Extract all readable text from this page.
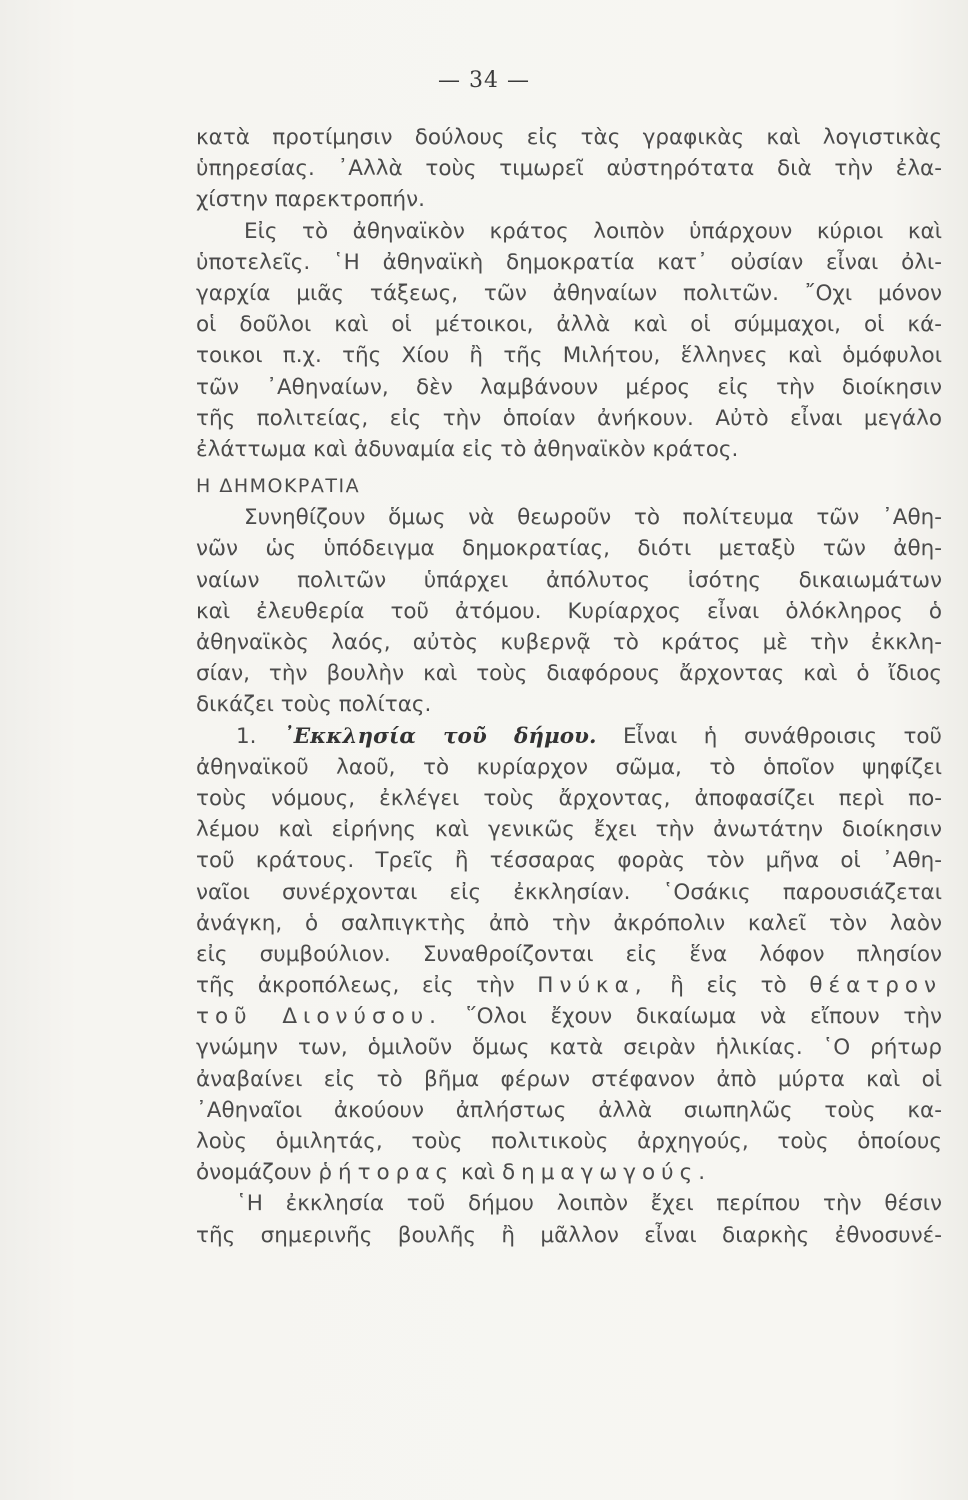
— 34 —
κατὰ προτίμησιν δούλους εἰς τὰς γραφικὰς καὶ λογιστικὰς
ὑπηρεσίας. ᾿Αλλὰ τοὺς τιμωρεῖ αὐστηρότατα διὰ τὴν ἐλα-
χίστην παρεκτροπήν.
Εἰς τὸ ἀθηναϊκὸν κράτος λοιπὸν ὑπάρχουν κύριοι καὶ
ὑποτελεῖς. ῾Η ἀθηναϊκὴ δημοκρατία κατ᾿ οὐσίαν εἶναι ὀλι-
γαρχία μιᾶς τάξεως, τῶν ἀθηναίων πολιτῶν. ῎Οχι μόνον
οἱ δοῦλοι καὶ οἱ μέτοικοι, ἀλλὰ καὶ οἱ σύμμαχοι, οἱ κά-
τοικοι π.χ. τῆς Χίου ἢ τῆς Μιλήτου, ἕλληνες καὶ ὁμόφυλοι
τῶν ᾿Αθηναίων, δὲν λαμβάνουν μέρος εἰς τὴν διοίκησιν
τῆς πολιτείας, εἰς τὴν ὁποίαν ἀνήκουν. Αὐτὸ εἶναι μεγάλο
ἐλάττωμα καὶ ἀδυναμία εἰς τὸ ἀθηναϊκὸν κράτος.
Η ΔΗΜΟΚΡΑΤΙΑ
Συνηθίζουν ὅμως νὰ θεωροῦν τὸ πολίτευμα τῶν ᾿Αθη-
νῶν ὡς ὑπόδειγμα δημοκρατίας, διότι μεταξὺ τῶν ἀθη-
ναίων πολιτῶν ὑπάρχει ἀπόλυτος ἰσότης δικαιωμάτων
καὶ ἐλευθερία τοῦ ἀτόμου. Κυρίαρχος εἶναι ὁλόκληρος ὁ
ἀθηναϊκὸς λαός, αὐτὸς κυβερνᾷ τὸ κράτος μὲ τὴν ἐκκλη-
σίαν, τὴν βουλὴν καὶ τοὺς διαφόρους ἄρχοντας καὶ ὁ ἴδιος
δικάζει τοὺς πολίτας.
1. ᾿Εκκλησία τοῦ δήμου. Εἶναι ἡ συνάθροισις τοῦ
ἀθηναϊκοῦ λαοῦ, τὸ κυρίαρχον σῶμα, τὸ ὁποῖον ψηφίζει
τοὺς νόμους, ἐκλέγει τοὺς ἄρχοντας, ἀποφασίζει περὶ πο-
λέμου καὶ εἰρήνης καὶ γενικῶς ἔχει τὴν ἀνωτάτην διοίκησιν
τοῦ κράτους. Τρεῖς ἢ τέσσαρας φορὰς τὸν μῆνα οἱ ᾿Αθη-
ναῖοι συνέρχονται εἰς ἐκκλησίαν. ῾Οσάκις παρουσιάζεται
ἀνάγκη, ὁ σαλπιγκτὴς ἀπὸ τὴν ἀκρόπολιν καλεῖ τὸν λαὸν
εἰς συμβούλιον. Συναθροίζονται εἰς ἕνα λόφον πλησίον
τῆς ἀκροπόλεως, εἰς τὴν Πνύκα, ἢ εἰς τὸ θέατρον
τοῦ Διονύσου. ῞Ολοι ἔχουν δικαίωμα νὰ εἴπουν τὴν
γνώμην των, ὁμιλοῦν ὅμως κατὰ σειρὰν ἡλικίας. ῾Ο ρήτωρ
ἀναβαίνει εἰς τὸ βῆμα φέρων στέφανον ἀπὸ μύρτα καὶ οἱ
᾿Αθηναῖοι ἀκούουν ἀπλήστως ἀλλὰ σιωπηλῶς τοὺς κα-
λοὺς ὁμιλητάς, τοὺς πολιτικοὺς ἀρχηγούς, τοὺς ὁποίους
ὀνομάζουν ῥήτορας καὶ δημαγωγούς.
῾Η ἐκκλησία τοῦ δήμου λοιπὸν ἔχει περίπου τὴν θέσιν
τῆς σημερινῆς βουλῆς ἢ μᾶλλον εἶναι διαρκὴς ἐθνοσυνέ-
